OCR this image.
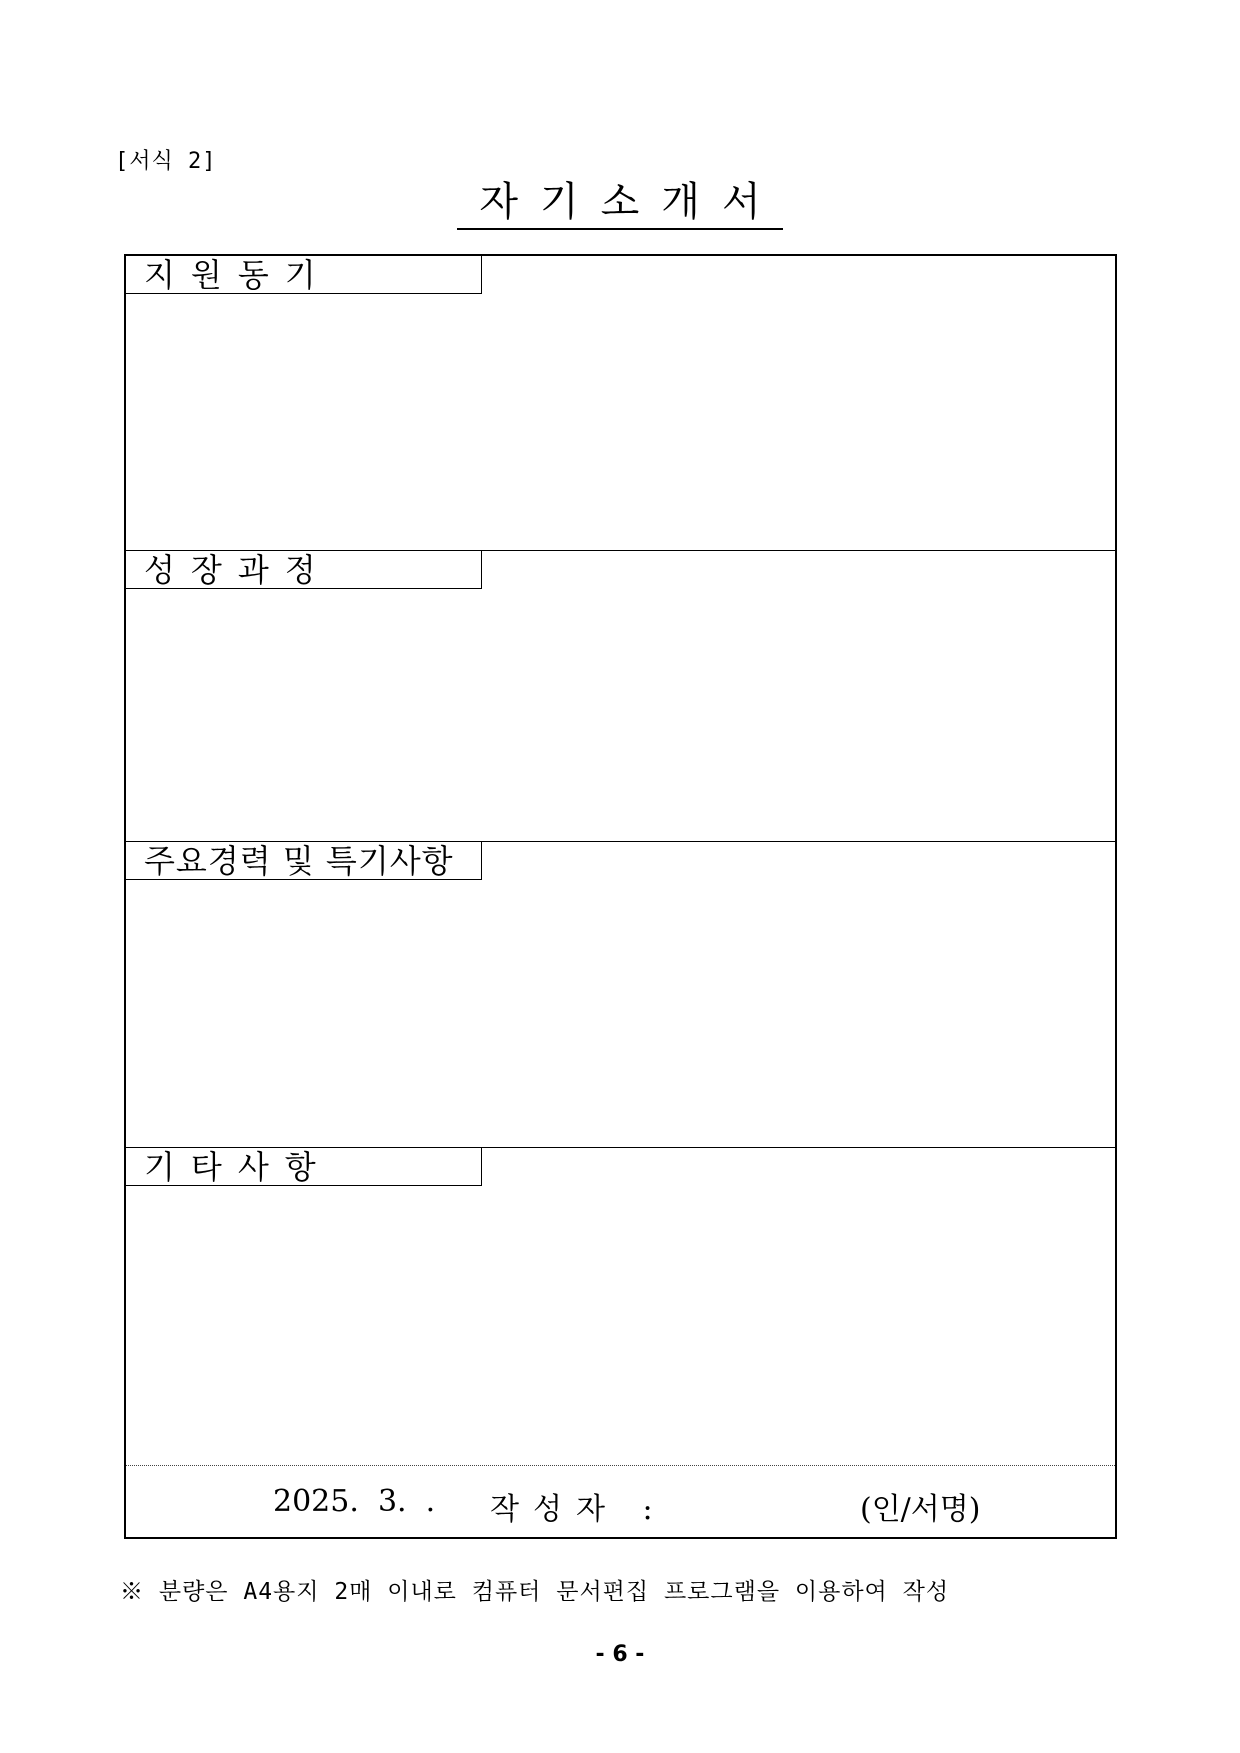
[서식 2]
자기소개서
지원동기
성장과정
주요경력 및 특기사항
기타사항
2025.  3.  . 작성자 :	(인/서명)
※ 분량은 A4용지 2매 이내로 컴퓨터 문서편집 프로그램을 이용하여 작성
- 6 -
